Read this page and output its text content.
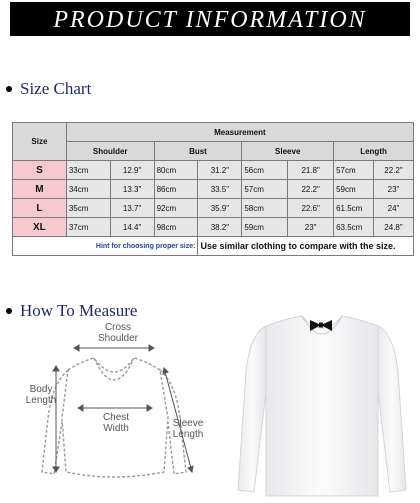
PRODUCT INFORMATION
Size Chart
Size	Measurement							
	Shoulder		Bust		Sleeve		Length	
S	33cm	12.9"	80cm	31.2"	56cm	21.8"	57cm	22.2"
M	34cm	13.3"	86cm	33.5"	57cm	22.2"	59cm	23"
L	35cm	13.7"	92cm	35.9"	58cm	22.6"	61.5cm	24"
XL	37cm	14.4"	98cm	38.2"	59cm	23"	63.5cm	24.8"
Hint for choosing proper size:				Use similar clothing to compare with the size.				
How To Measure
Cross
Shoulder
Body
Length
Chest
Width	Sleeve
Length
